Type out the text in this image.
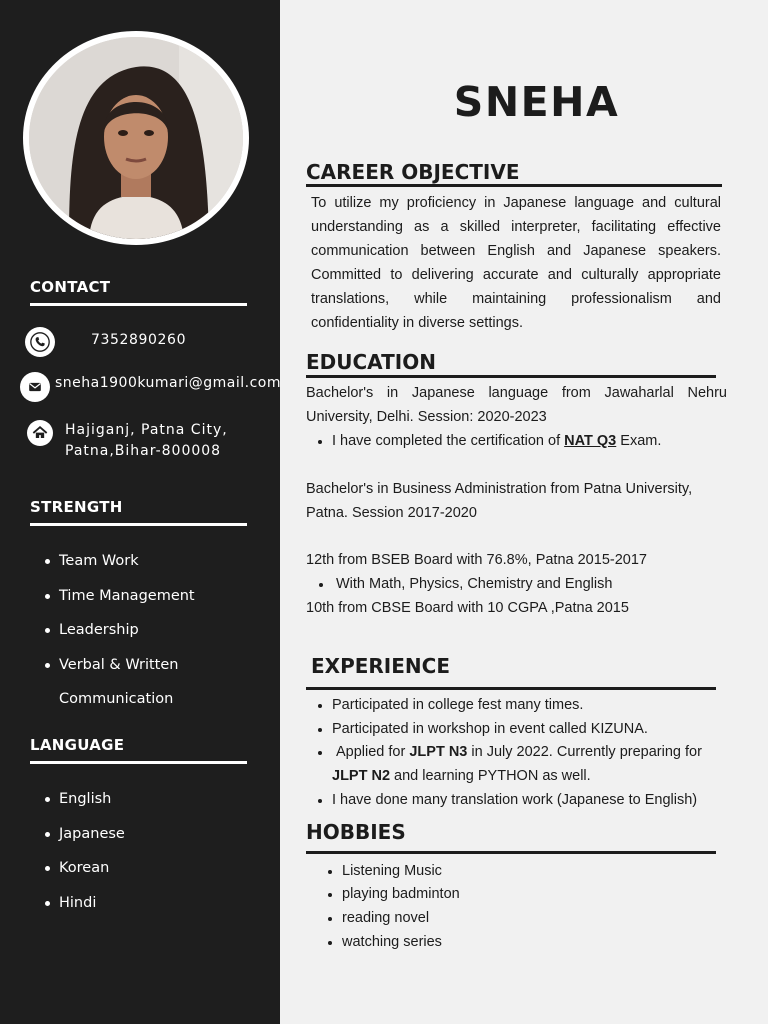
CONTACT
7352890260
sneha1900kumari@gmail.com
Hajiganj, Patna City,
Patna,Bihar-800008
STRENGTH
Team Work
Time Management
Leadership
Verbal & Written
Communication
LANGUAGE
English
Japanese
Korean
Hindi
SNEHA
CAREER OBJECTIVE
To utilize my proficiency in Japanese language and cultural understanding as a skilled interpreter, facilitating effective communication between English and Japanese speakers. Committed to delivering accurate and culturally appropriate translations, while maintaining professionalism and confidentiality in diverse settings.
EDUCATION
Bachelor's in Japanese language from Jawaharlal Nehru University, Delhi. Session: 2020-2023
I have completed the certification of NAT Q3 Exam.
Bachelor's in Business Administration from Patna University, Patna. Session 2017-2020
12th from BSEB Board with 76.8%, Patna 2015-2017
With Math, Physics, Chemistry and English
10th from CBSE Board with 10 CGPA ,Patna 2015
EXPERIENCE
Participated in college fest many times.
Participated in workshop in event called KIZUNA.
Applied for JLPT N3 in July 2022. Currently preparing for
JLPT N2 and learning PYTHON as well.
I have done many translation work (Japanese to English)
HOBBIES
Listening Music
playing badminton
reading novel
watching series
